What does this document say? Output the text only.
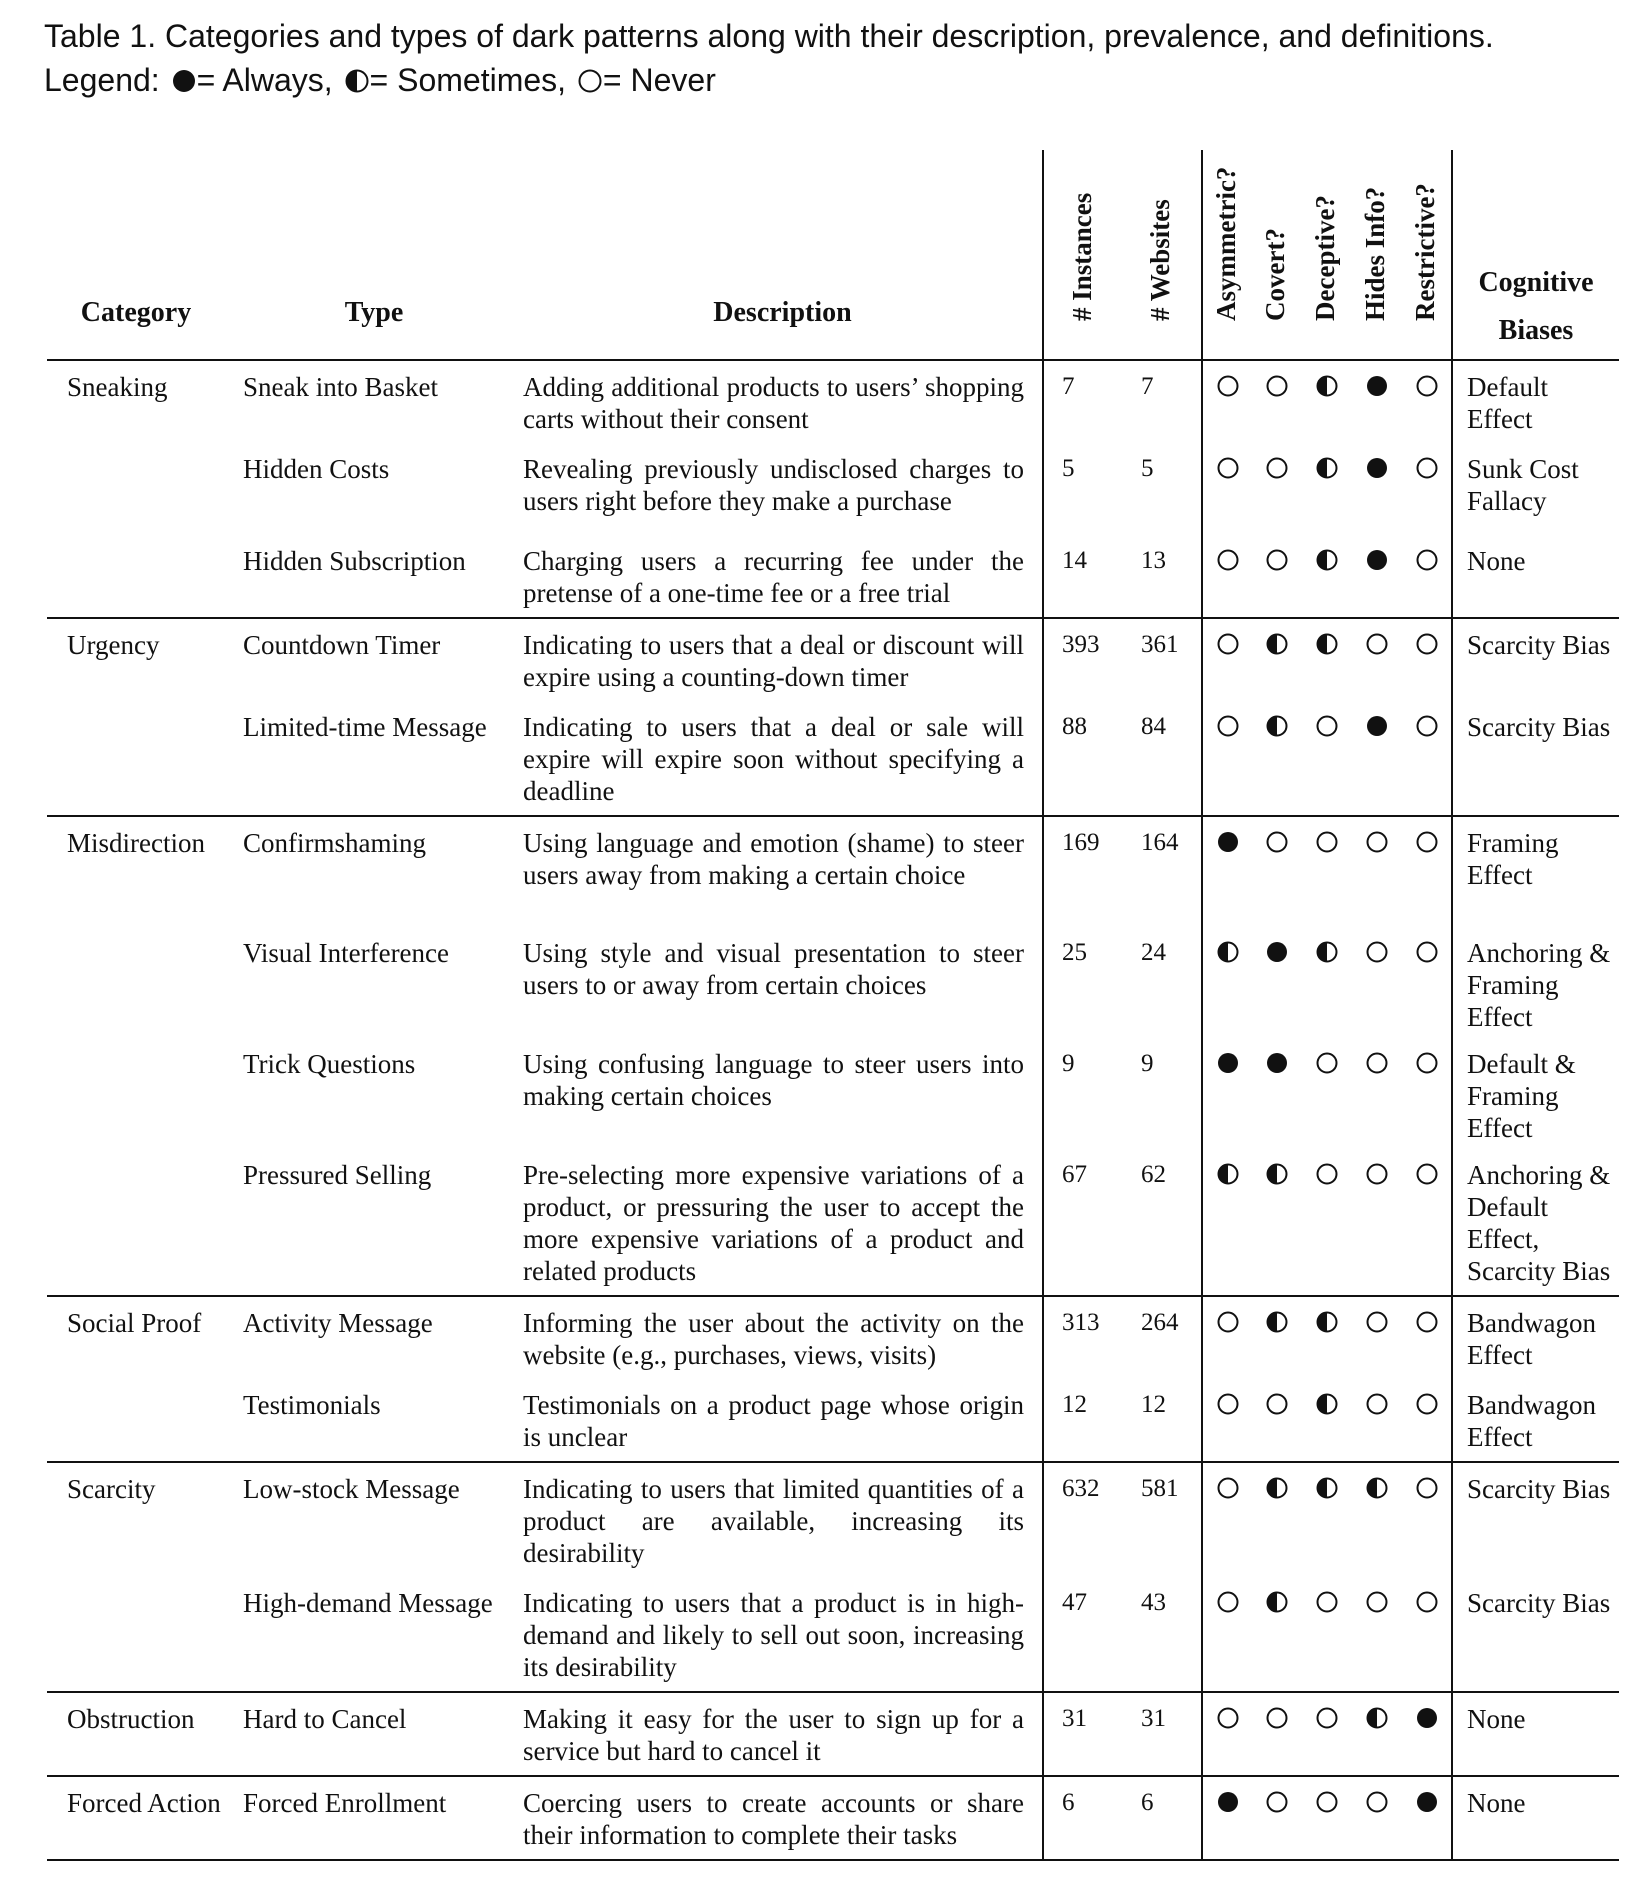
Table 1. Categories and types of dark patterns along with their description, prevalence, and definitions.
Legend:
= Always,
= Sometimes,
= Never
Category	Type	Description	# Instances	# Websites	Asymmetric?	Covert?	Deceptive?	Hides Info?	Restrictive?	Cognitive
Biases
Sneaking	Sneak into Basket	Adding additional products to users’ shopping carts without their consent	7	7						Default Effect
	Hidden Costs	Revealing previously undisclosed charges to users right before they make a purchase	5	5						Sunk Cost Fallacy
	Hidden Subscription	Charging users a recurring fee under the pretense of a one-time fee or a free trial	14	13						None
Urgency	Countdown Timer	Indicating to users that a deal or discount will expire using a counting-down timer	393	361						Scarcity Bias
	Limited-time Message	Indicating to users that a deal or sale will expire will expire soon without specifying a deadline	88	84						Scarcity Bias
Misdirection	Confirmshaming	Using language and emotion (shame) to steer users away from making a certain choice	169	164						Framing Effect
	Visual Interference	Using style and visual presentation to steer users to or away from certain choices	25	24						Anchoring & Framing Effect
	Trick Questions	Using confusing language to steer users into making certain choices	9	9						Default & Framing Effect
	Pressured Selling	Pre-selecting more expensive variations of a product, or pressuring the user to accept the more expensive variations of a product and related products	67	62						Anchoring & Default Effect, Scarcity Bias
Social Proof	Activity Message	Informing the user about the activity on the website (e.g., purchases, views, visits)	313	264						Bandwagon Effect
	Testimonials	Testimonials on a product page whose origin is unclear	12	12						Bandwagon Effect
Scarcity	Low-stock Message	Indicating to users that limited quantities of a product are available, increasing its desirability	632	581						Scarcity Bias
	High-demand Message	Indicating to users that a product is in high-demand and likely to sell out soon, increasing its desirability	47	43						Scarcity Bias
Obstruction	Hard to Cancel	Making it easy for the user to sign up for a service but hard to cancel it	31	31						None
Forced Action	Forced Enrollment	Coercing users to create accounts or share their information to complete their tasks	6	6						None
